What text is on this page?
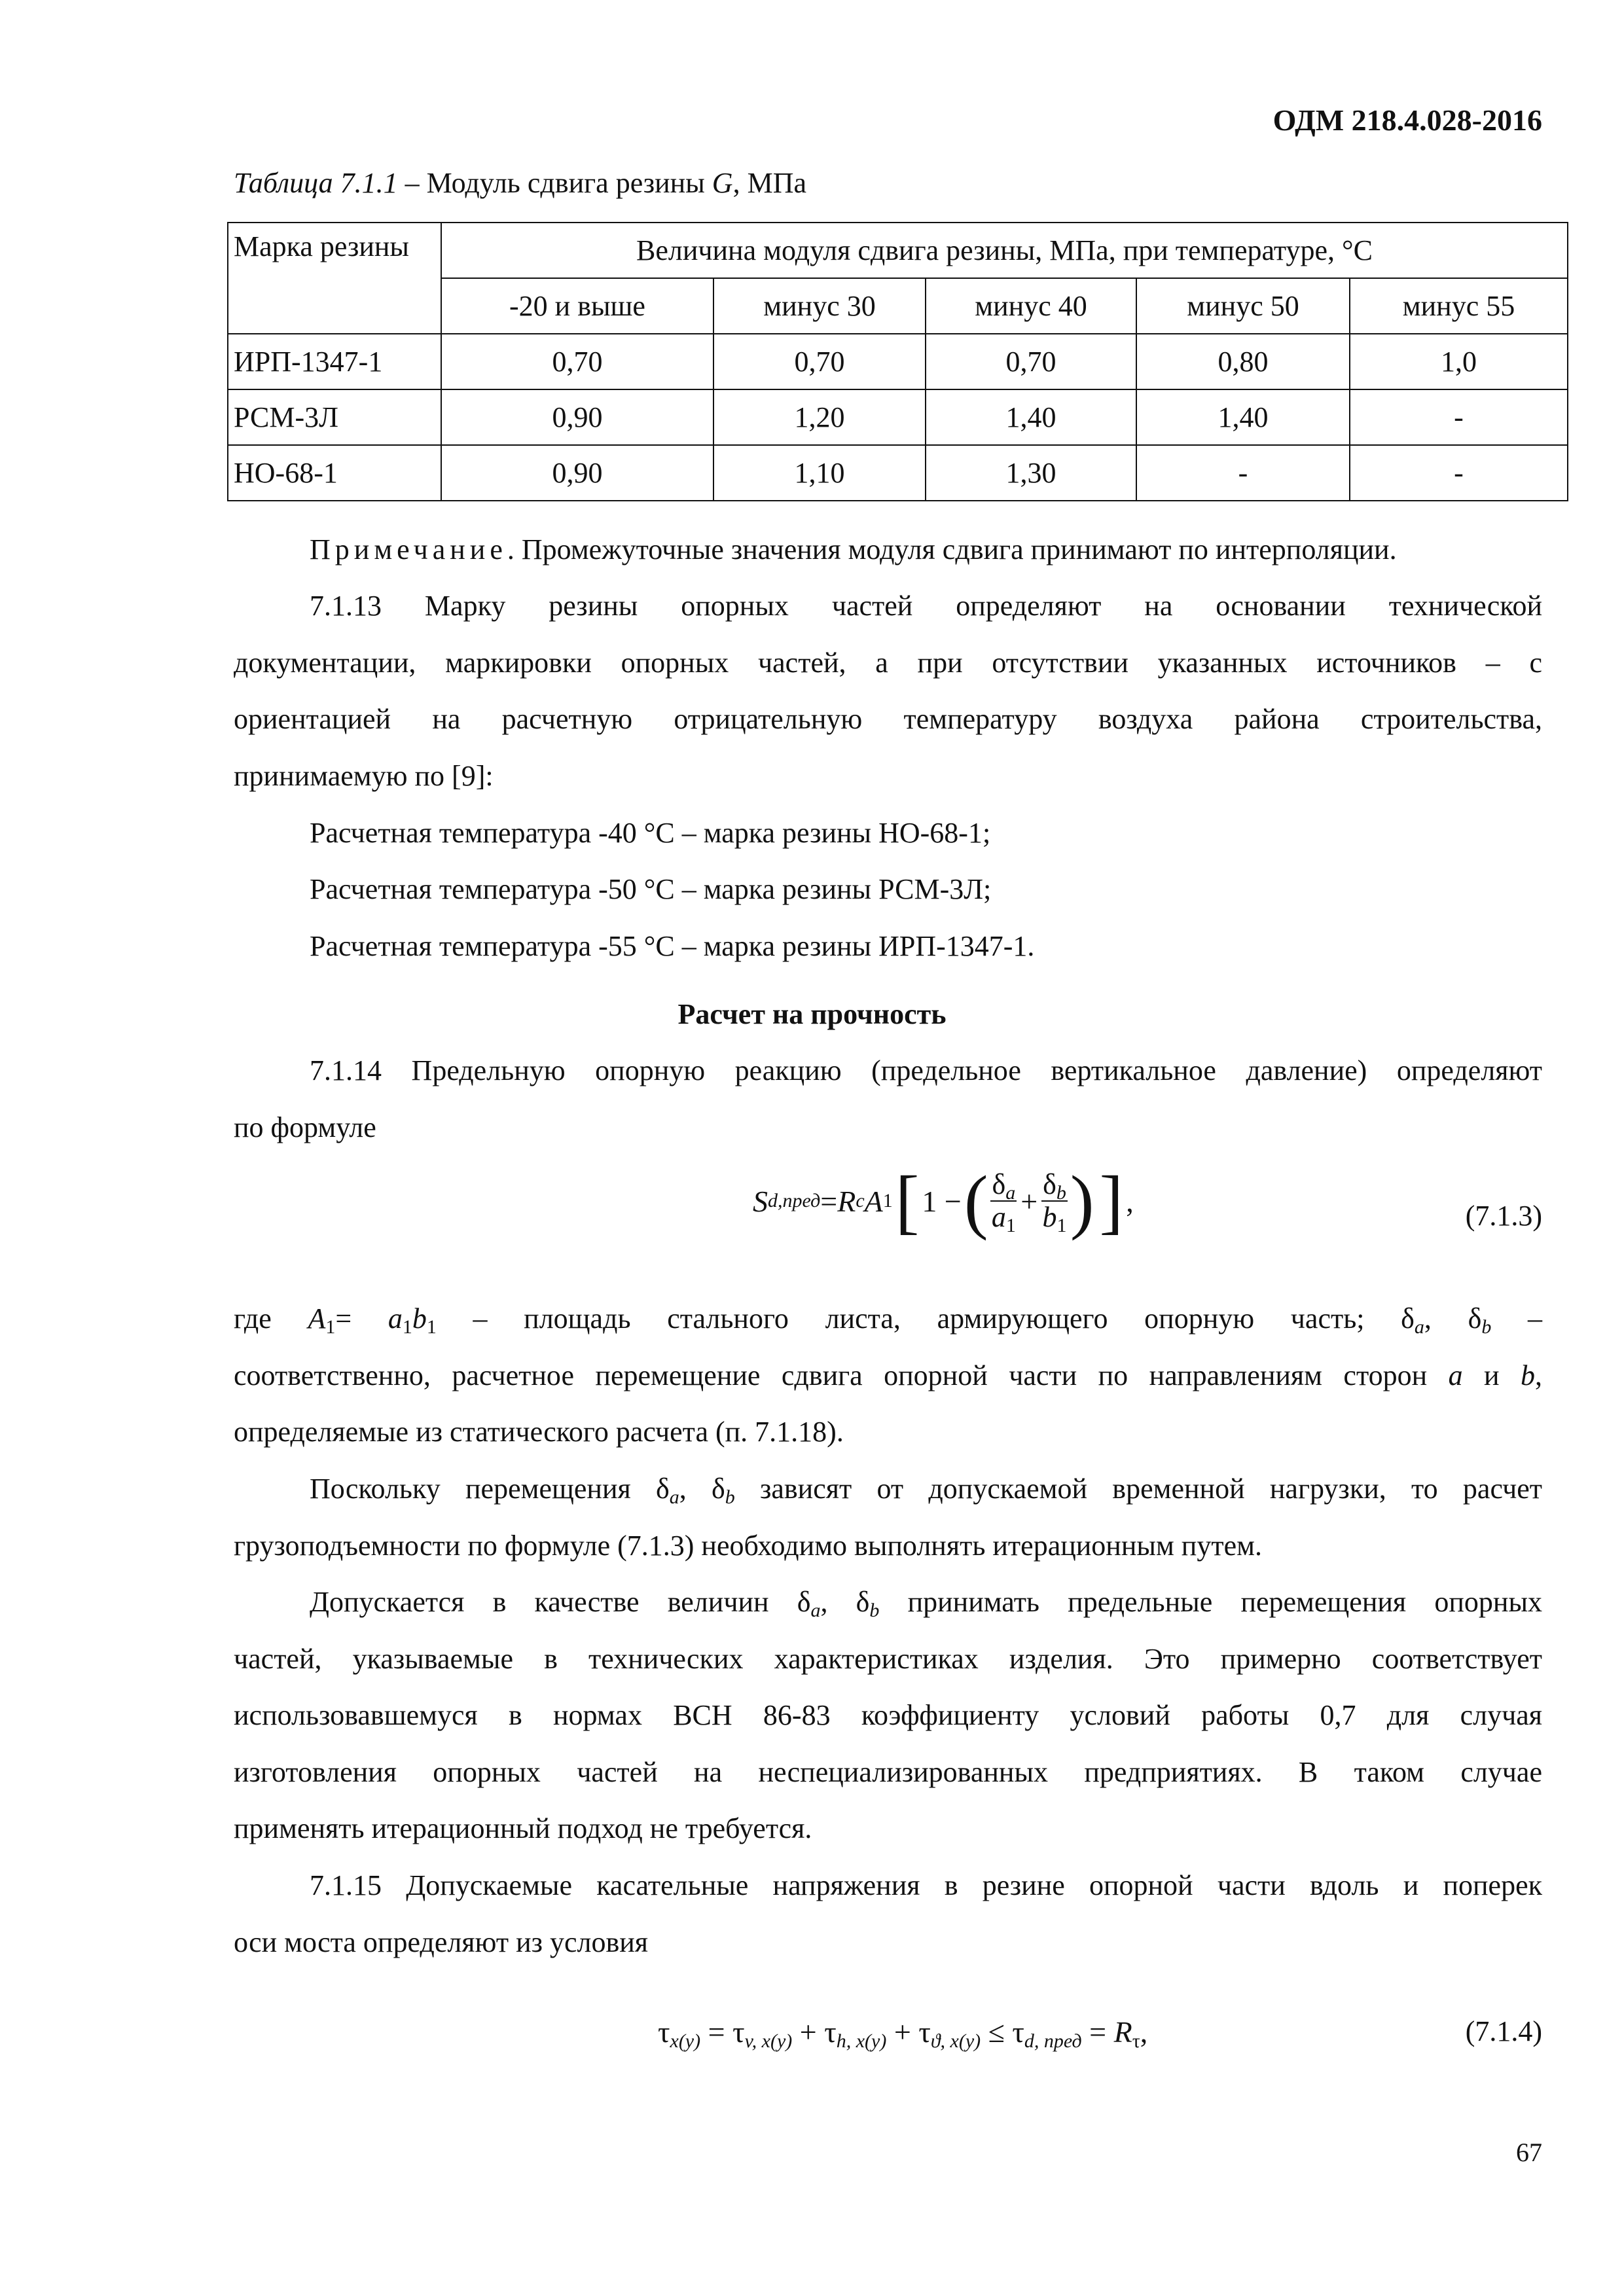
ОДМ 218.4.028-2016
Таблица 7.1.1 – Модуль сдвига резины G, МПа
Марка резины	Величина модуля сдвига резины, МПа, при температуре, °C				
	-20 и выше	минус 30	минус 40	минус 50	минус 55
ИРП-1347-1	0,70	0,70	0,70	0,80	1,0
РСМ-3Л	0,90	1,20	1,40	1,40	-
НО-68-1	0,90	1,10	1,30	-	-
Примечание. Промежуточные значения модуля сдвига принимают по интерполяции.
7.1.13 Марку резины опорных частей определяют на основании технической
документации, маркировки опорных частей, а при отсутствии указанных источников – с
ориентацией на расчетную отрицательную температуру воздуха района строительства,
принимаемую по [9]:
Расчетная температура -40 °C – марка резины НО-68-1;
Расчетная температура -50 °C – марка резины РСМ-3Л;
Расчетная температура -55 °C – марка резины ИРП-1347-1.
Расчет на прочность
7.1.14 Предельную опорную реакцию (предельное вертикальное давление) определяют
по формуле
S d,пред = R c A 1 [ 1 − ( $\frac{\delta_a}{a_1} + \frac{\delta_b}{b_1}$ ) ] ,	(7.1.3)
где $A_1= a_1b_1$ – площадь стального листа, армирующего опорную часть; $\delta_a$, $\delta_b$ –
соответственно, расчетное перемещение сдвига опорной части по направлениям сторон a и b,
определяемые из статического расчета (п. 7.1.18).
Поскольку перемещения $\delta_a$, $\delta_b$ зависят от допускаемой временной нагрузки, то расчет
грузоподъемности по формуле (7.1.3) необходимо выполнять итерационным путем.
Допускается в качестве величин $\delta_a$, $\delta_b$ принимать предельные перемещения опорных
частей, указываемые в технических характеристиках изделия. Это примерно соответствует
использовавшемуся в нормах ВСН 86-83 коэффициенту условий работы 0,7 для случая
изготовления опорных частей на неспециализированных предприятиях. В таком случае
применять итерационный подход не требуется.
7.1.15 Допускаемые касательные напряжения в резине опорной части вдоль и поперек
оси моста определяют из условия
$\tau_{x(y)} = \tau_{v, x(y)} + \tau_{h, x(y)} + \tau_{ϑ, x(y)} \le \tau_{d, пред} = R_\tau$,	(7.1.4)
67
